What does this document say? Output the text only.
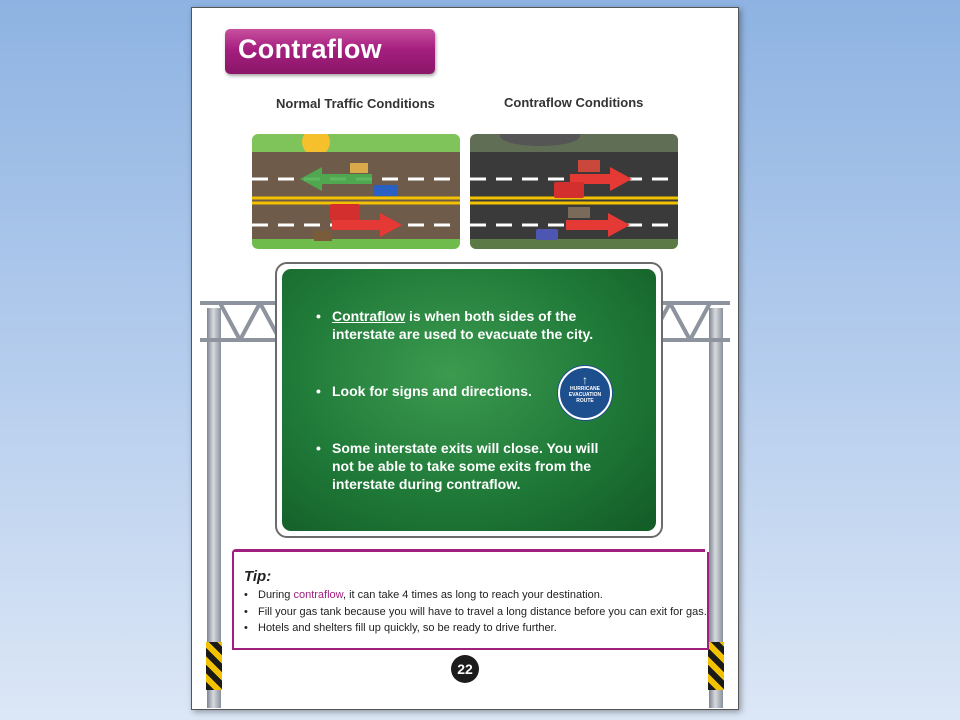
Contraflow
Normal Traffic Conditions	Contraflow Conditions
• Contraflow is when both sides of the
interstate are used to evacuate the city.
• Look for signs and directions.
↑
HURRICANE
EVACUATION
ROUTE
• Some interstate exits will close. You will
not be able to take some exits from the
interstate during contraflow.
Tip:
• During contraflow, it can take 4 times as long to reach your destination.
• Fill your gas tank because you will have to travel a long distance before you can exit for gas.
• Hotels and shelters fill up quickly, so be ready to drive further.
22
